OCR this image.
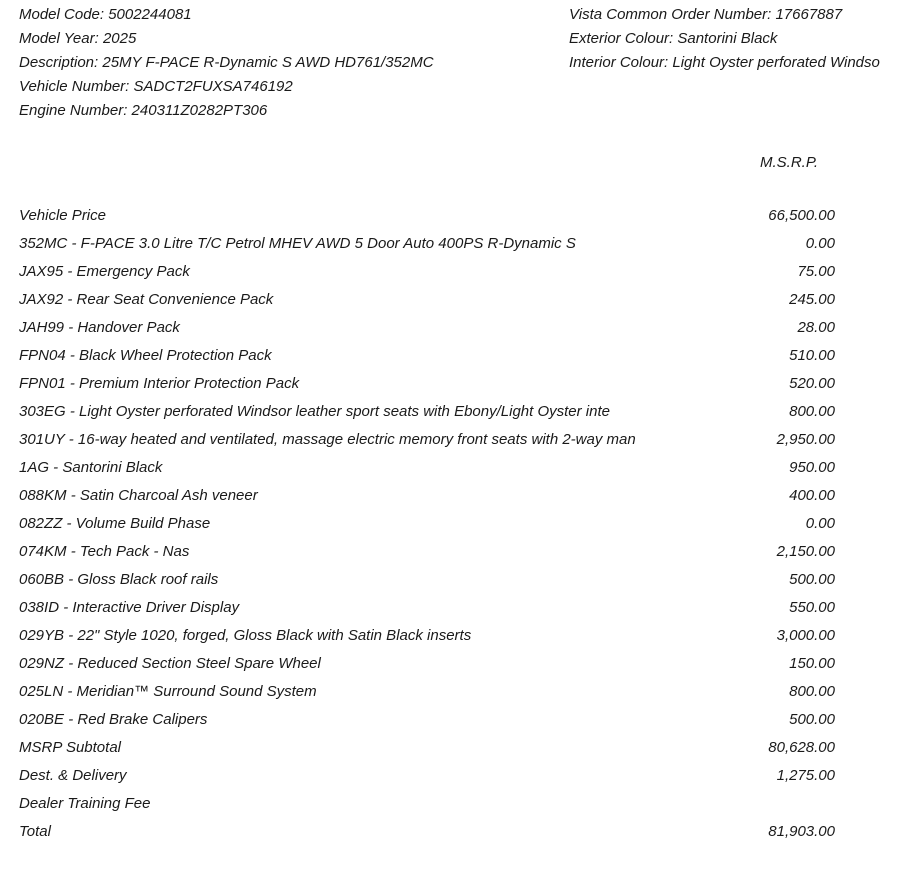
Model Code: 5002244081
Model Year: 2025
Description: 25MY F-PACE R-Dynamic S AWD HD761/352MC
Vehicle Number: SADCT2FUXSA746192
Engine Number: 240311Z0282PT306
Vista Common Order Number: 17667887
Exterior Colour: Santorini Black
Interior Colour: Light Oyster perforated Windso
M.S.R.P.
Vehicle Price	66,500.00
352MC - F-PACE 3.0 Litre T/C Petrol MHEV AWD 5 Door Auto 400PS R-Dynamic S	0.00
JAX95 - Emergency Pack	75.00
JAX92 - Rear Seat Convenience Pack	245.00
JAH99 - Handover Pack	28.00
FPN04 - Black Wheel Protection Pack	510.00
FPN01 - Premium Interior Protection Pack	520.00
303EG - Light Oyster perforated Windsor leather sport seats with Ebony/Light Oyster inte	800.00
301UY - 16-way heated and ventilated, massage electric memory front seats with 2-way man	2,950.00
1AG - Santorini Black	950.00
088KM - Satin Charcoal Ash veneer	400.00
082ZZ - Volume Build Phase	0.00
074KM - Tech Pack - Nas	2,150.00
060BB - Gloss Black roof rails	500.00
038ID - Interactive Driver Display	550.00
029YB - 22" Style 1020, forged, Gloss Black with Satin Black inserts	3,000.00
029NZ - Reduced Section Steel Spare Wheel	150.00
025LN - Meridian™ Surround Sound System	800.00
020BE - Red Brake Calipers	500.00
MSRP Subtotal	80,628.00
Dest. & Delivery	1,275.00
Dealer Training Fee
Total	81,903.00
